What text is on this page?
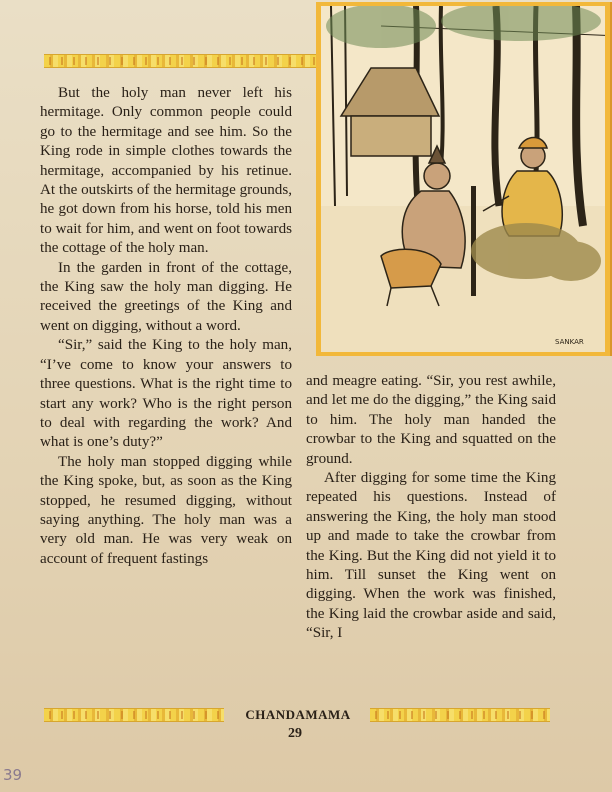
SANKAR

But the holy man never left his hermitage. Only common people could go to the hermitage and see him. So the King rode in simple clothes towards the hermitage, accompanied by his retinue. At the outskirts of the hermitage grounds, he got down from his horse, told his men to wait for him, and went on foot towards the cottage of the holy man.

In the garden in front of the cottage, the King saw the holy man digging. He received the greetings of the King and went on digging, without a word.

“Sir,” said the King to the holy man, “I’ve come to know your answers to three questions. What is the right time to start any work? Who is the right person to deal with regarding the work? And what is one’s duty?”

The holy man stopped digging while the King spoke, but, as soon as the King stopped, he resumed digging, without saying anything. The holy man was a very old man. He was very weak on account of frequent fastings

and meagre eating. “Sir, you rest awhile, and let me do the digging,” the King said to him. The holy man handed the crowbar to the King and squatted on the ground.

After digging for some time the King repeated his questions. Instead of answering the King, the holy man stood up and made to take the crowbar from the King. But the King did not yield it to him. Till sunset the King went on digging. When the work was finished, the King laid the crowbar aside and said, “Sir, I

CHANDAMAMA
29
39
